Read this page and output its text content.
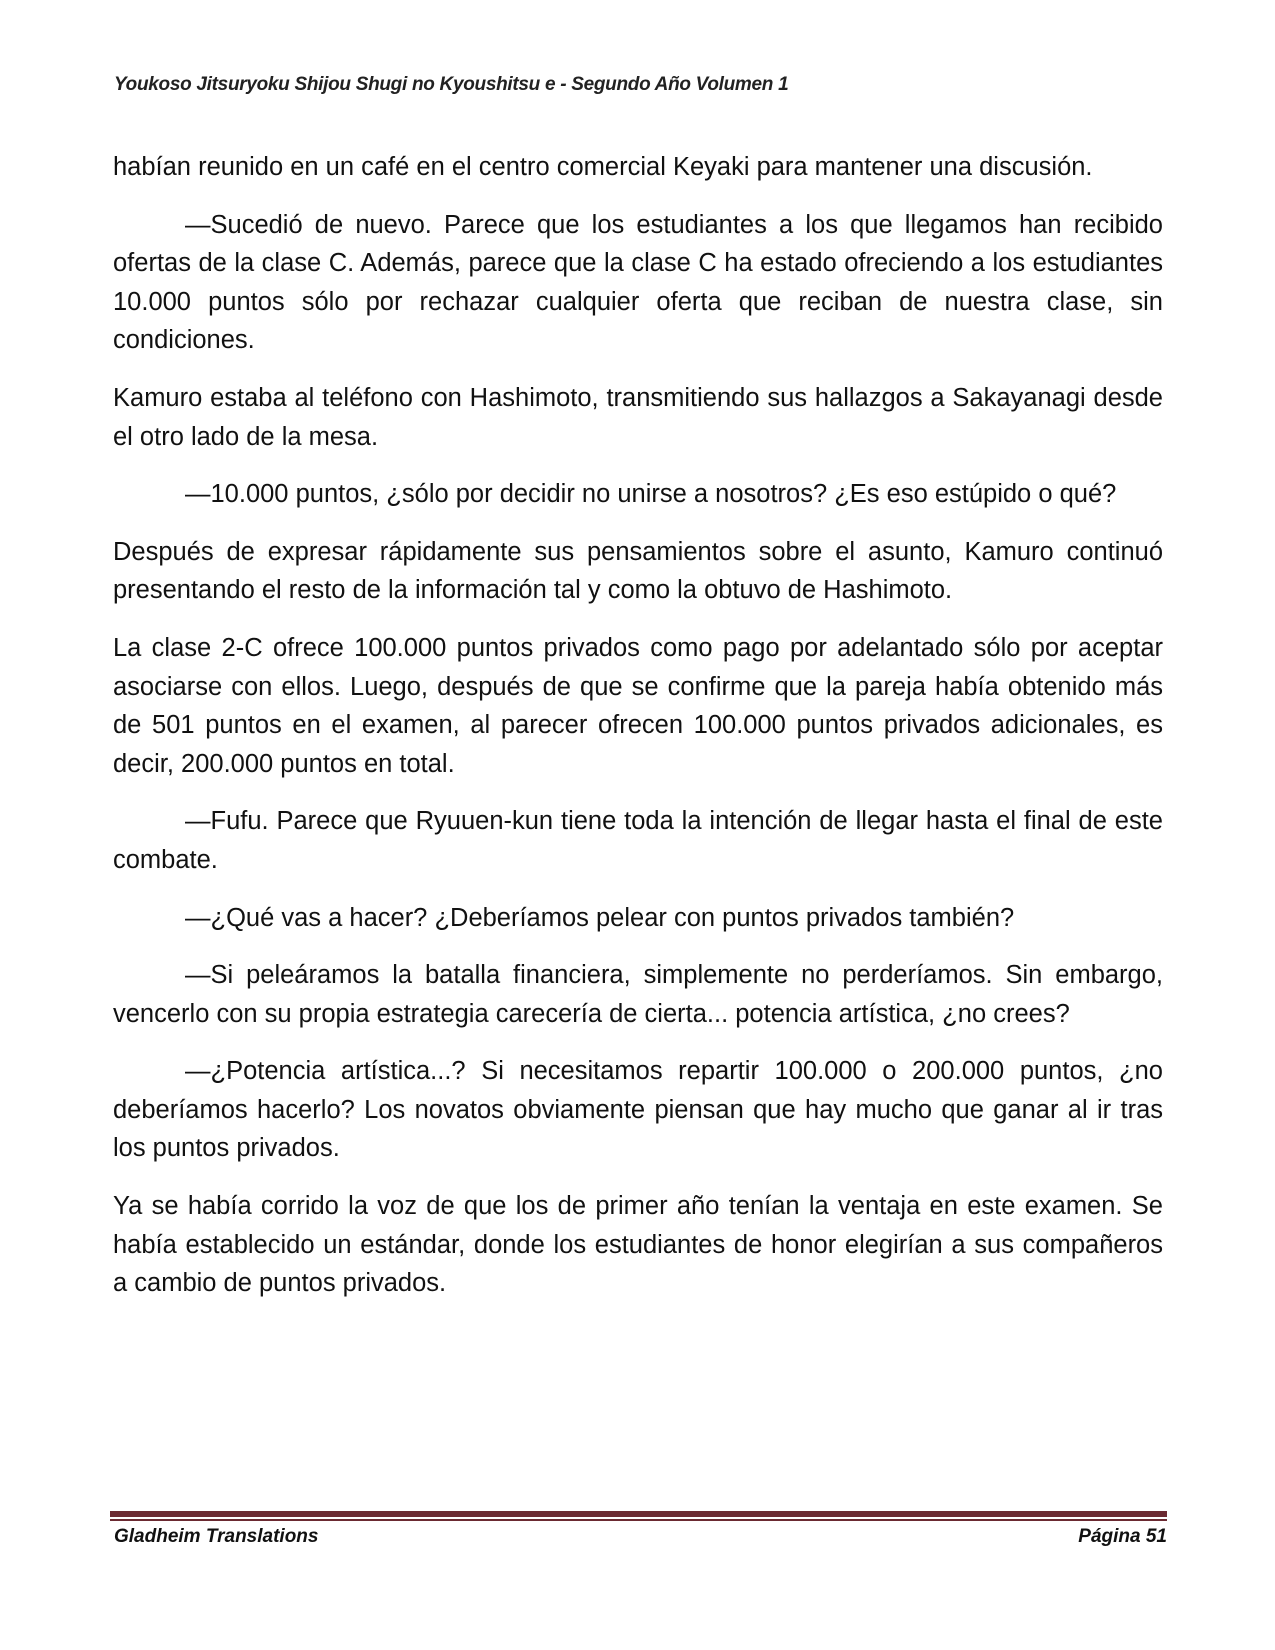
Youkoso Jitsuryoku Shijou Shugi no Kyoushitsu e - Segundo Año Volumen 1

habían reunido en un café en el centro comercial Keyaki para mantener una discusión.

—Sucedió de nuevo. Parece que los estudiantes a los que llegamos han recibido ofertas de la clase C. Además, parece que la clase C ha estado ofreciendo a los estudiantes 10.000 puntos sólo por rechazar cualquier oferta que reciban de nuestra clase, sin condiciones.

Kamuro estaba al teléfono con Hashimoto, transmitiendo sus hallazgos a Sakayanagi desde el otro lado de la mesa.

—10.000 puntos, ¿sólo por decidir no unirse a nosotros? ¿Es eso estúpido o qué?

Después de expresar rápidamente sus pensamientos sobre el asunto, Kamuro continuó presentando el resto de la información tal y como la obtuvo de Hashimoto.

La clase 2-C ofrece 100.000 puntos privados como pago por adelantado sólo por aceptar asociarse con ellos. Luego, después de que se confirme que la pareja había obtenido más de 501 puntos en el examen, al parecer ofrecen 100.000 puntos privados adicionales, es decir, 200.000 puntos en total.

—Fufu. Parece que Ryuuen-kun tiene toda la intención de llegar hasta el final de este combate.

—¿Qué vas a hacer? ¿Deberíamos pelear con puntos privados también?

—Si peleáramos la batalla financiera, simplemente no perderíamos. Sin embargo, vencerlo con su propia estrategia carecería de cierta... potencia artística, ¿no crees?

—¿Potencia artística...? Si necesitamos repartir 100.000 o 200.000 puntos, ¿no deberíamos hacerlo? Los novatos obviamente piensan que hay mucho que ganar al ir tras los puntos privados.

Ya se había corrido la voz de que los de primer año tenían la ventaja en este examen. Se había establecido un estándar, donde los estudiantes de honor elegirían a sus compañeros a cambio de puntos privados.

Gladheim Translations	Página 51
